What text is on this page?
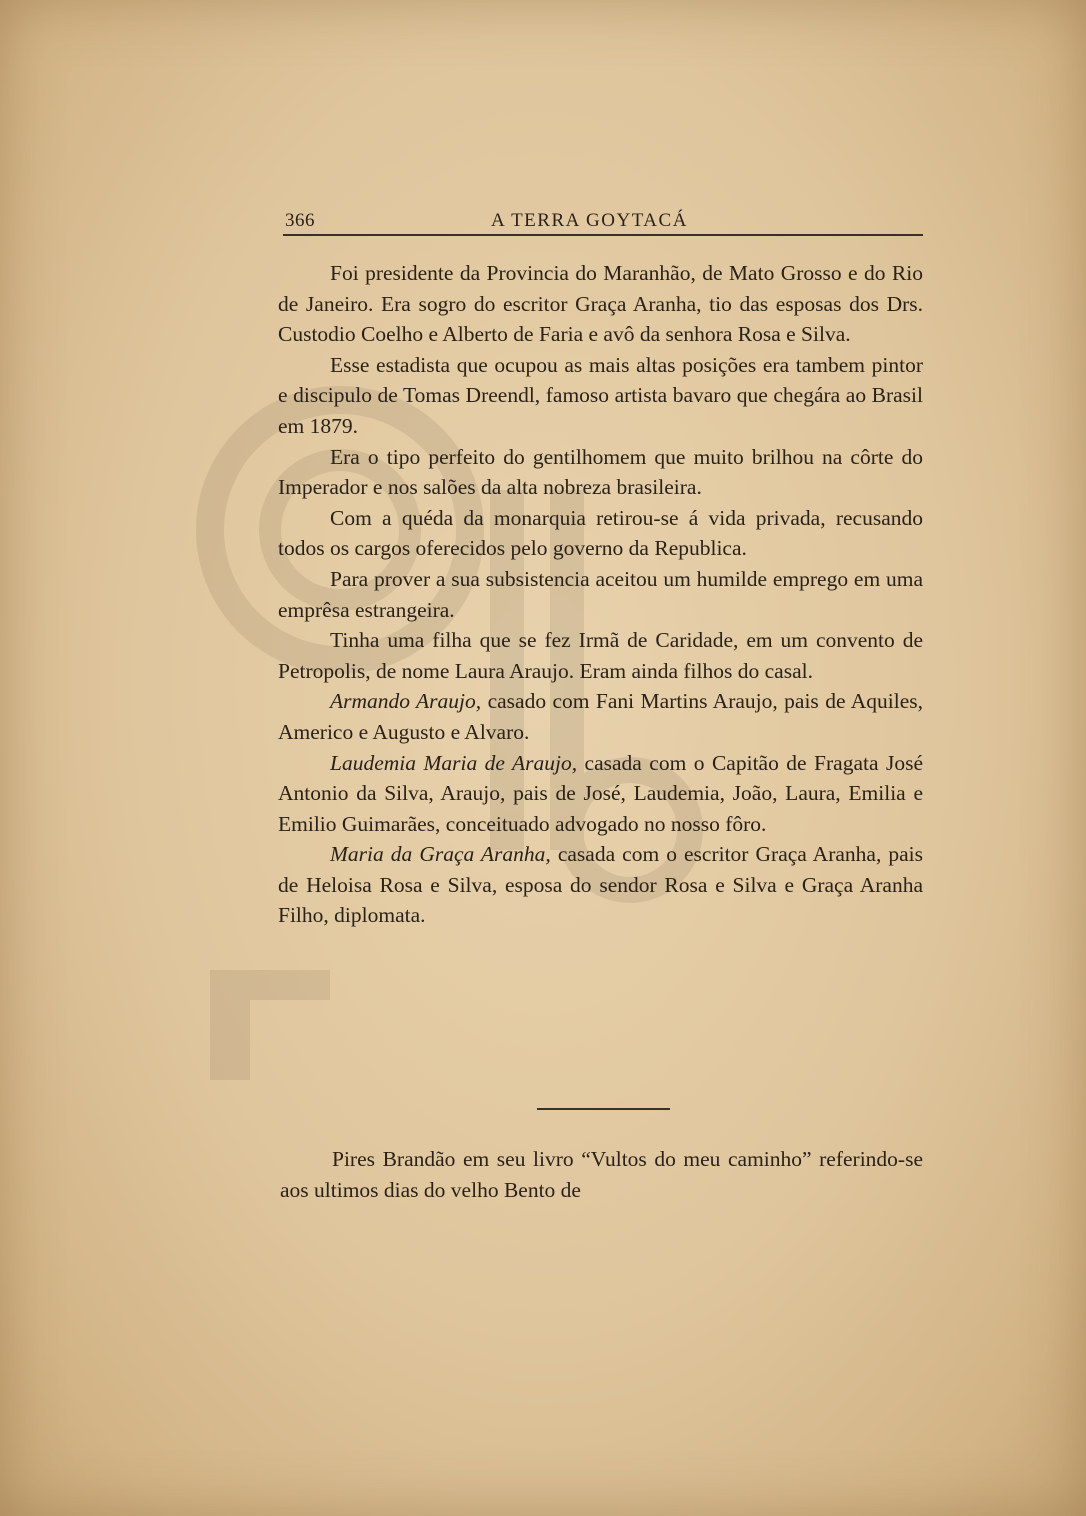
366	A TERRA GOYTACÁ

Foi presidente da Provincia do Maranhão, de Mato Grosso e do Rio de Janeiro. Era sogro do escritor Graça Aranha, tio das esposas dos Drs. Custodio Coelho e Alberto de Faria e avô da senhora Rosa e Silva.

Esse estadista que ocupou as mais altas posições era tambem pintor e discipulo de Tomas Dreendl, famoso artista bavaro que chegára ao Brasil em 1879.

Era o tipo perfeito do gentilhomem que muito brilhou na côrte do Imperador e nos salões da alta nobreza brasileira.

Com a quéda da monarquia retirou-se á vida privada, recusando todos os cargos oferecidos pelo governo da Republica.

Para prover a sua subsistencia aceitou um humilde emprego em uma emprêsa estrangeira.

Tinha uma filha que se fez Irmã de Caridade, em um convento de Petropolis, de nome Laura Araujo. Eram ainda filhos do casal.

Armando Araujo, casado com Fani Martins Araujo, pais de Aquiles, Americo e Augusto e Alvaro.

Laudemia Maria de Araujo, casada com o Capitão de Fragata José Antonio da Silva, Araujo, pais de José, Laudemia, João, Laura, Emilia e Emilio Guimarães, conceituado advogado no nosso fôro.

Maria da Graça Aranha, casada com o escritor Graça Aranha, pais de Heloisa Rosa e Silva, esposa do sendor Rosa e Silva e Graça Aranha Filho, diplomata.

Pires Brandão em seu livro “Vultos do meu caminho” referindo-se aos ultimos dias do velho Bento de
